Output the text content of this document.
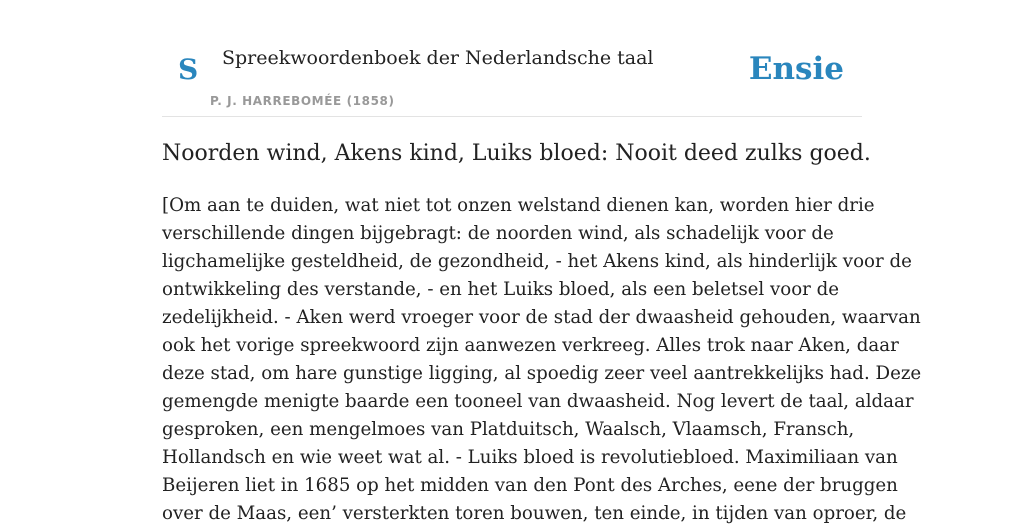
S Spreekwoordenboek der Nederlandsche taal
P. J. HARREBOMÉE (1858)
Ensie
Noorden wind, Akens kind, Luiks bloed: Nooit deed zulks goed.
[Om aan te duiden, wat niet tot onzen welstand dienen kan, worden hier drie
verschillende dingen bijgebragt: de noorden wind, als schadelijk voor de
ligchamelijke gesteldheid, de gezondheid, - het Akens kind, als hinderlijk voor de
ontwikkeling des verstande, - en het Luiks bloed, als een beletsel voor de
zedelijkheid. - Aken werd vroeger voor de stad der dwaasheid gehouden, waarvan
ook het vorige spreekwoord zijn aanwezen verkreeg. Alles trok naar Aken, daar
deze stad, om hare gunstige ligging, al spoedig zeer veel aantrekkelijks had. Deze
gemengde menigte baarde een tooneel van dwaasheid. Nog levert de taal, aldaar
gesproken, een mengelmoes van Platduitsch, Waalsch, Vlaamsch, Fransch,
Hollandsch en wie weet wat al. - Luiks bloed is revolutiebloed. Maximiliaan van
Beijeren liet in 1685 op het midden van den Pont des Arches, eene der bruggen
over de Maas, een’ versterkten toren bouwen, ten einde, in tijden van oproer, de
